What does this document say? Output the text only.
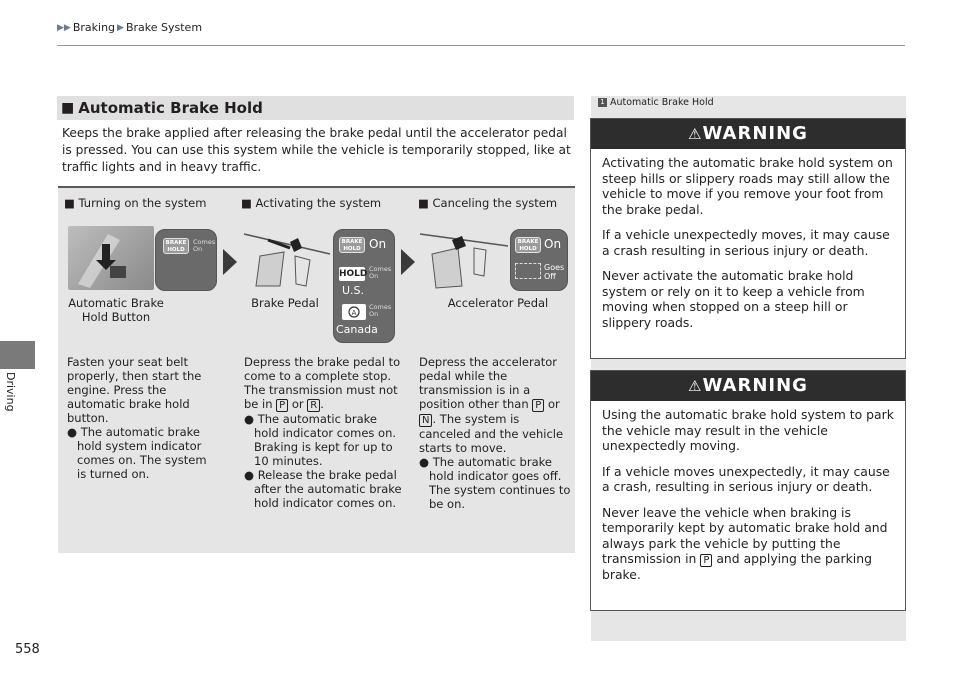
▶▶ Braking ▶ Brake System
Driving
558
■ Automatic Brake Hold
Keeps the brake applied after releasing the brake pedal until the accelerator pedal is pressed. You can use this system while the vehicle is temporarily stopped, like at traffic lights and in heavy traffic.
■ Turning on the system	■ Activating the system	■ Canceling the system
BRAKE
HOLD
Comes On
BRAKE
HOLD On
HOLD Comes On
U.S.
A
Comes On
Canada
BRAKE
HOLD On
Goes Off
Automatic Brake Hold Button
Brake Pedal	Accelerator Pedal
Fasten your seat belt properly, then start the engine. Press the automatic brake hold button.
● The automatic brake hold system indicator comes on. The system is turned on.
Depress the brake pedal to come to a complete stop. The transmission must not be in P or R .
● The automatic brake hold indicator comes on. Braking is kept for up to 10 minutes.
● Release the brake pedal after the automatic brake hold indicator comes on.
Depress the accelerator pedal while the transmission is in a position other than P or N . The system is canceled and the vehicle starts to move.
● The automatic brake hold indicator goes off. The system continues to be on.
1 Automatic Brake Hold
⚠WARNING

Activating the automatic brake hold system on steep hills or slippery roads may still allow the vehicle to move if you remove your foot from the brake pedal.

If a vehicle unexpectedly moves, it may cause a crash resulting in serious injury or death.

Never activate the automatic brake hold system or rely on it to keep a vehicle from moving when stopped on a steep hill or slippery roads.

⚠WARNING

Using the automatic brake hold system to park the vehicle may result in the vehicle unexpectedly moving.

If a vehicle moves unexpectedly, it may cause a crash, resulting in serious injury or death.

Never leave the vehicle when braking is temporarily kept by automatic brake hold and always park the vehicle by putting the transmission in P and applying the parking brake.
